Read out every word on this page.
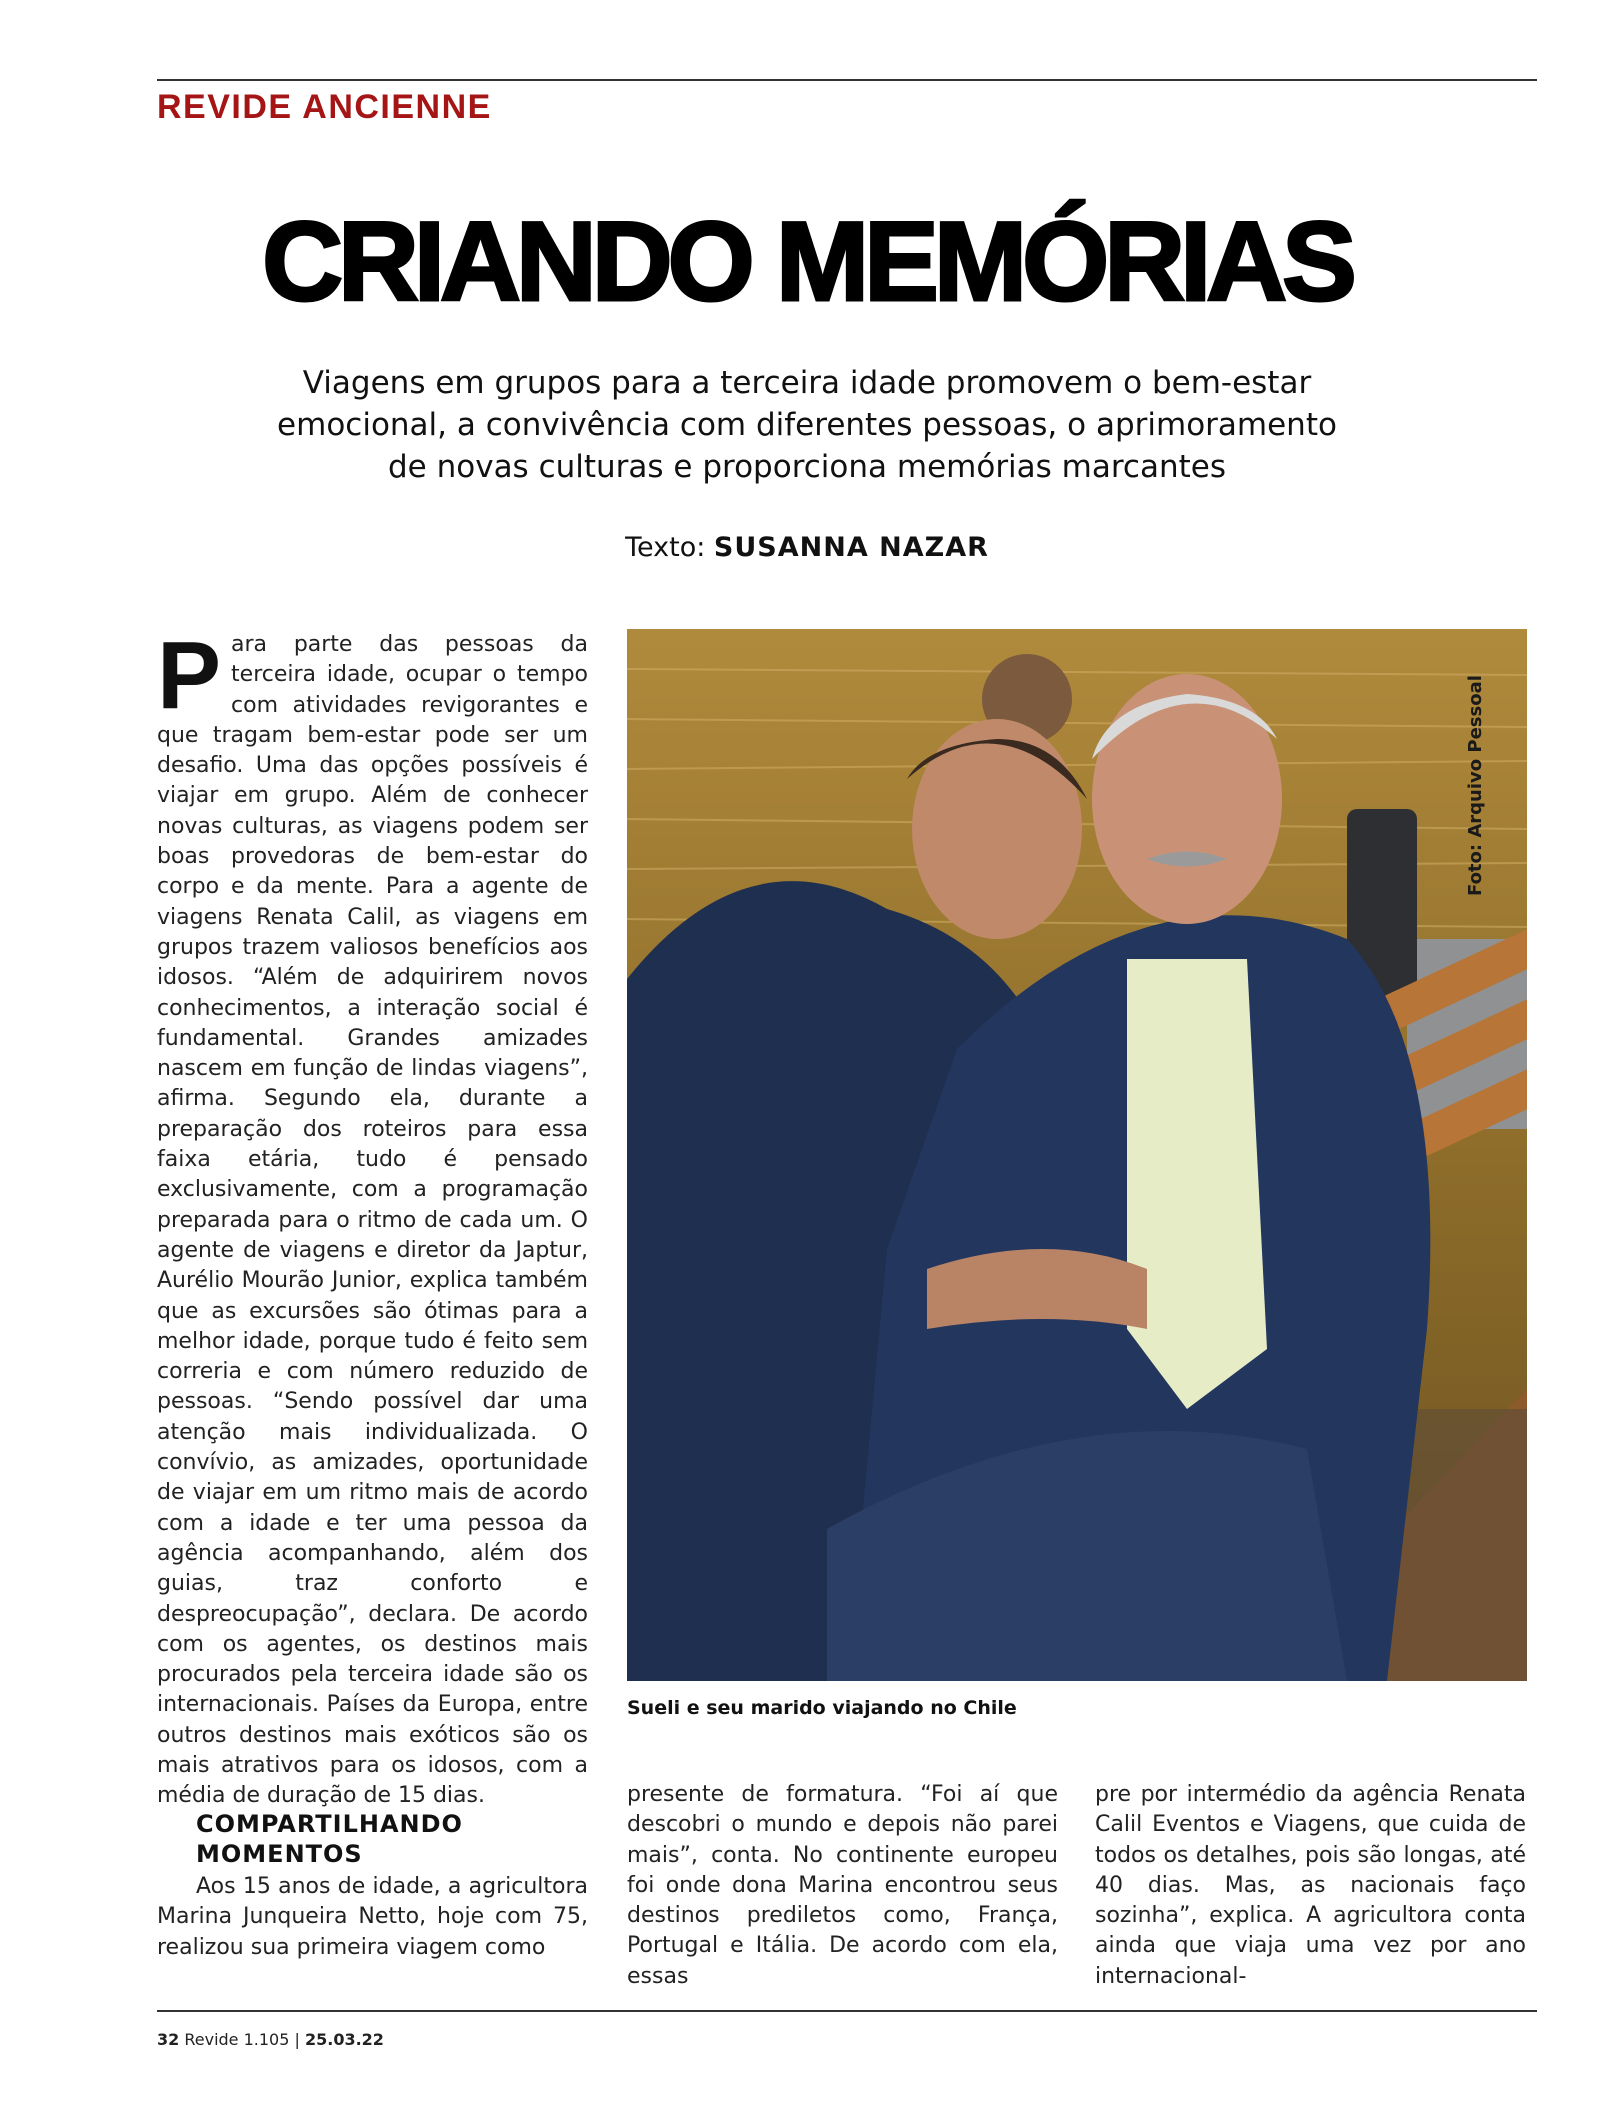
REVIDE ANCIENNE
CRIANDO MEMÓRIAS
Viagens em grupos para a terceira idade promovem o bem-estar emocional, a convivência com diferentes pessoas, o aprimoramento de novas culturas e proporciona memórias marcantes
Texto: SUSANNA NAZAR
P ara parte das pessoas da terceira idade, ocupar o tempo com atividades revigorantes e que tragam bem-estar pode ser um desafio. Uma das opções possíveis é viajar em grupo. Além de conhecer novas culturas, as viagens podem ser boas provedoras de bem-estar do corpo e da mente. Para a agente de viagens Renata Calil, as viagens em grupos trazem valiosos benefícios aos idosos. “Além de adquirirem novos conhecimentos, a interação social é fundamental. Grandes amizades nascem em função de lindas viagens”, afirma. Segundo ela, durante a preparação dos roteiros para essa faixa etária, tudo é pensado exclusivamente, com a programação preparada para o ritmo de cada um. O agente de viagens e diretor da Japtur, Aurélio Mourão Junior, explica também que as excursões são ótimas para a melhor idade, porque tudo é feito sem correria e com número reduzido de pessoas. “Sendo possível dar uma atenção mais individualizada. O convívio, as amizades, oportunidade de viajar em um ritmo mais de acordo com a idade e ter uma pessoa da agência acompanhando, além dos guias, traz conforto e despreocupação”, declara. De acordo com os agentes, os destinos mais procurados pela terceira idade são os internacionais. Países da Europa, entre outros destinos mais exóticos são os mais atrativos para os idosos, com a média de duração de 15 dias.

COMPARTILHANDO MOMENTOS

Aos 15 anos de idade, a agricultora Marina Junqueira Netto, hoje com 75, realizou sua primeira viagem como

Foto: Arquivo Pessoal
Sueli e seu marido viajando no Chile

presente de formatura. “Foi aí que descobri o mundo e depois não parei mais”, conta. No continente europeu foi onde dona Marina encontrou seus destinos prediletos como, França, Portugal e Itália. De acordo com ela, essas

pre por intermédio da agência Renata Calil Eventos e Viagens, que cuida de todos os detalhes, pois são longas, até 40 dias. Mas, as nacionais faço sozinha”, explica. A agricultora conta ainda que viaja uma vez por ano internacional-

32 Revide 1.105 | 25.03.22
